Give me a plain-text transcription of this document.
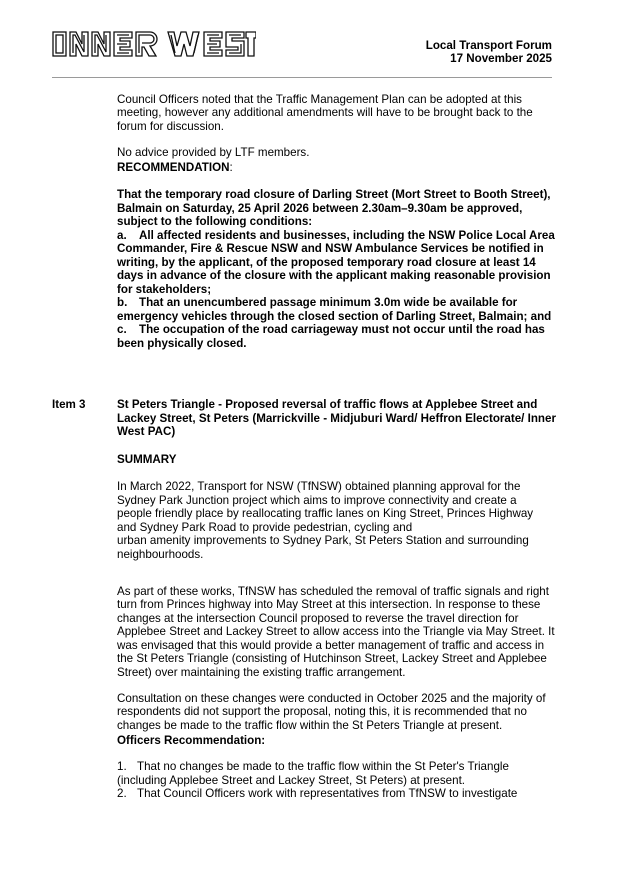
Local Transport Forum
17 November 2025

Council Officers noted that the Traffic Management Plan can be adopted at this meeting, however any additional amendments will have to be brought back to the forum for discussion.

No advice provided by LTF members.

RECOMMENDATION:
That the temporary road closure of Darling Street (Mort Street to Booth Street), Balmain on Saturday, 25 April 2026 between 2.30am–9.30am be approved, subject to the following conditions:
a. All affected residents and businesses, including the NSW Police Local Area Commander, Fire & Rescue NSW and NSW Ambulance Services be notified in writing, by the applicant, of the proposed temporary road closure at least 14 days in advance of the closure with the applicant making reasonable provision for stakeholders;
b. That an unencumbered passage minimum 3.0m wide be available for emergency vehicles through the closed section of Darling Street, Balmain; and
c. The occupation of the road carriageway must not occur until the road has been physically closed.
Item 3	St Peters Triangle - Proposed reversal of traffic flows at Applebee Street and Lackey Street, St Peters (Marrickville - Midjuburi Ward/ Heffron Electorate/ Inner West PAC)
SUMMARY
In March 2022, Transport for NSW (TfNSW) obtained planning approval for the
Sydney Park Junction project which aims to improve connectivity and create a
people friendly place by reallocating traffic lanes on King Street, Princes Highway
and Sydney Park Road to provide pedestrian, cycling and
urban amenity improvements to Sydney Park, St Peters Station and surrounding
neighbourhoods.

As part of these works, TfNSW has scheduled the removal of traffic signals and right turn from Princes highway into May Street at this intersection. In response to these changes at the intersection Council proposed to reverse the travel direction for Applebee Street and Lackey Street to allow access into the Triangle via May Street. It was envisaged that this would provide a better management of traffic and access in the St Peters Triangle (consisting of Hutchinson Street, Lackey Street and Applebee Street) over maintaining the existing traffic arrangement.

Consultation on these changes were conducted in October 2025 and the majority of respondents did not support the proposal, noting this, it is recommended that no changes be made to the traffic flow within the St Peters Triangle at present.

Officers Recommendation:
1. That no changes be made to the traffic flow within the St Peter's Triangle (including Applebee Street and Lackey Street, St Peters) at present.
2. That Council Officers work with representatives from TfNSW to investigate
